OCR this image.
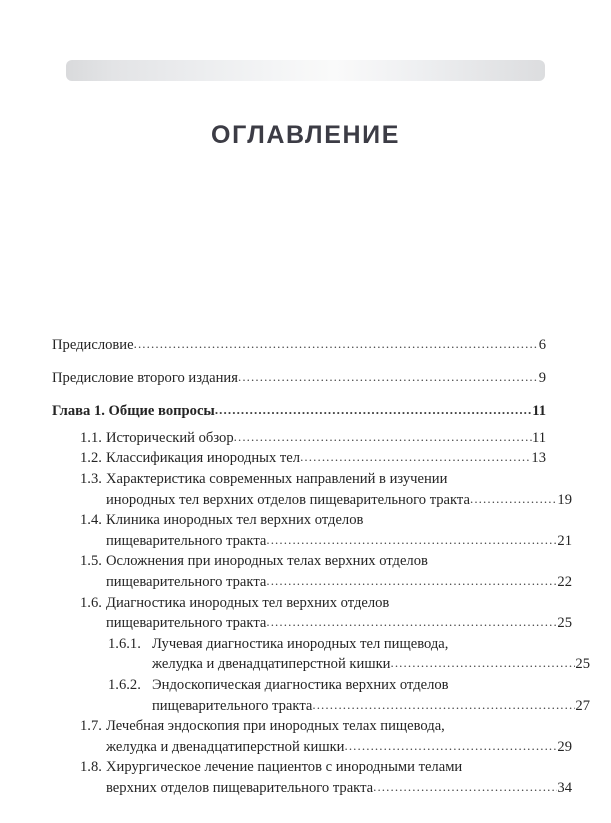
ОГЛАВЛЕНИЕ
Предисловие .....	6
Предисловие второго издания .....	9
Глава 1. Общие вопросы .....	11
1.1. Исторический обзор .....	11
1.2. Классификация инородных тел .....	13
1.3. Характеристика современных направлений в изучении
инородных тел верхних отделов пищеварительного тракта .....	19
1.4. Клиника инородных тел верхних отделов
пищеварительного тракта .....	21
1.5. Осложнения при инородных телах верхних отделов
пищеварительного тракта .....	22
1.6. Диагностика инородных тел верхних отделов
пищеварительного тракта .....	25
1.6.1. Лучевая диагностика инородных тел пищевода,
желудка и двенадцатиперстной кишки .....	25
1.6.2. Эндоскопическая диагностика верхних отделов
пищеварительного тракта .....	27
1.7. Лечебная эндоскопия при инородных телах пищевода,
желудка и двенадцатиперстной кишки .....	29
1.8. Хирургическое лечение пациентов с инородными телами
верхних отделов пищеварительного тракта .....	34
